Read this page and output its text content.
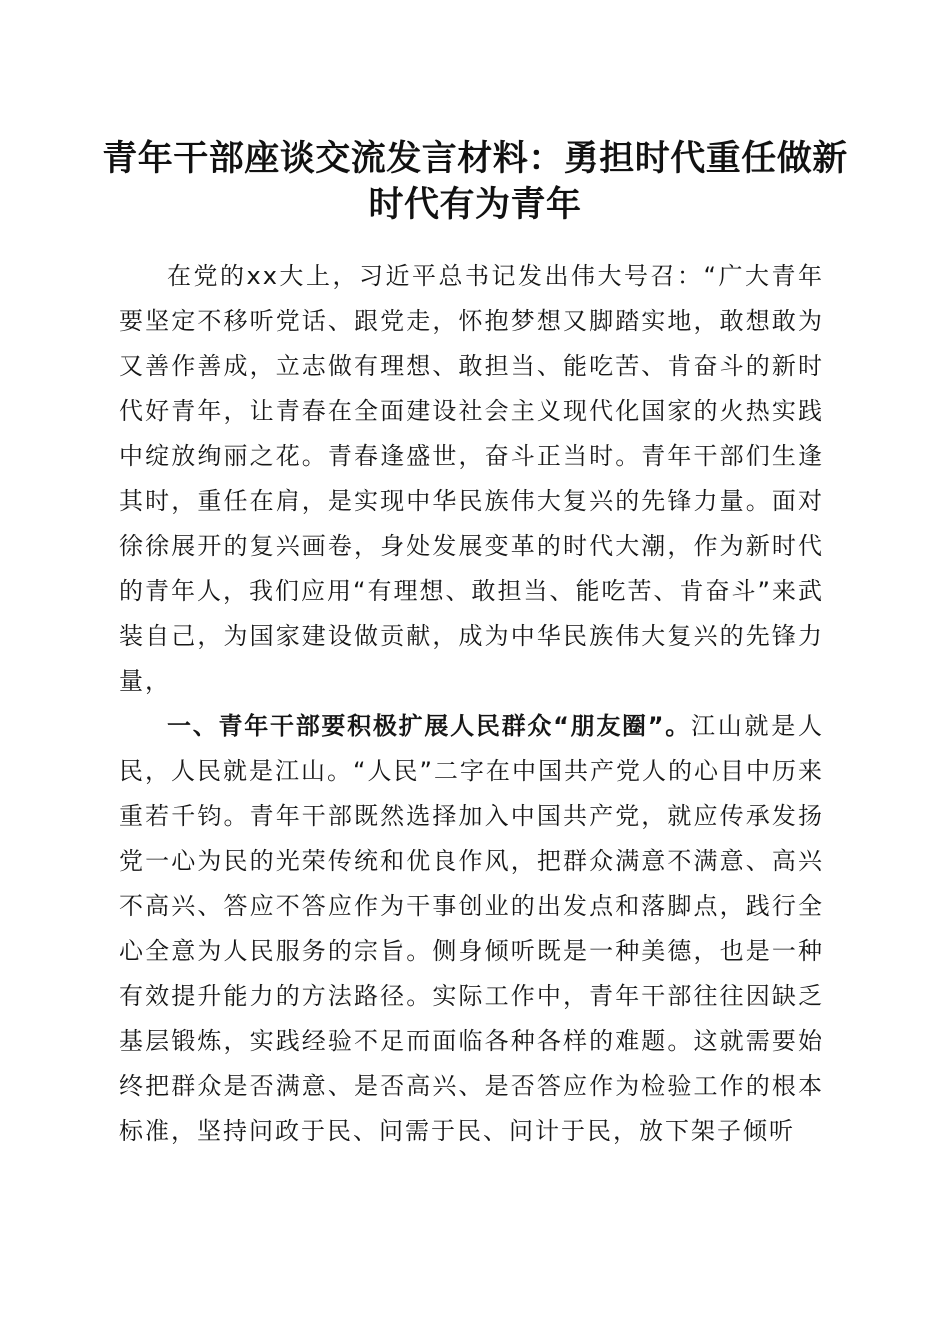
青年干部座谈交流发言材料：勇担时代重任做新时代有为青年

在党的xx大上，习近平总书记发出伟大号召：“广大青年要坚定不移听党话、跟党走，怀抱梦想又脚踏实地，敢想敢为又善作善成，立志做有理想、敢担当、能吃苦、肯奋斗的新时代好青年，让青春在全面建设社会主义现代化国家的火热实践中绽放绚丽之花。青春逢盛世，奋斗正当时。青年干部们生逢其时，重任在肩，是实现中华民族伟大复兴的先锋力量。面对徐徐展开的复兴画卷，身处发展变革的时代大潮，作为新时代的青年人，我们应用“有理想、敢担当、能吃苦、肯奋斗”来武装自己，为国家建设做贡献，成为中华民族伟大复兴的先锋力量，

一、青年干部要积极扩展人民群众“朋友圈”。江山就是人民，人民就是江山。“人民”二字在中国共产党人的心目中历来重若千钧。青年干部既然选择加入中国共产党，就应传承发扬党一心为民的光荣传统和优良作风，把群众满意不满意、高兴不高兴、答应不答应作为干事创业的出发点和落脚点，践行全心全意为人民服务的宗旨。侧身倾听既是一种美德，也是一种有效提升能力的方法路径。实际工作中，青年干部往往因缺乏基层锻炼，实践经验不足而面临各种各样的难题。这就需要始终把群众是否满意、是否高兴、是否答应作为检验工作的根本标准，坚持问政于民、问需于民、问计于民，放下架子倾听
